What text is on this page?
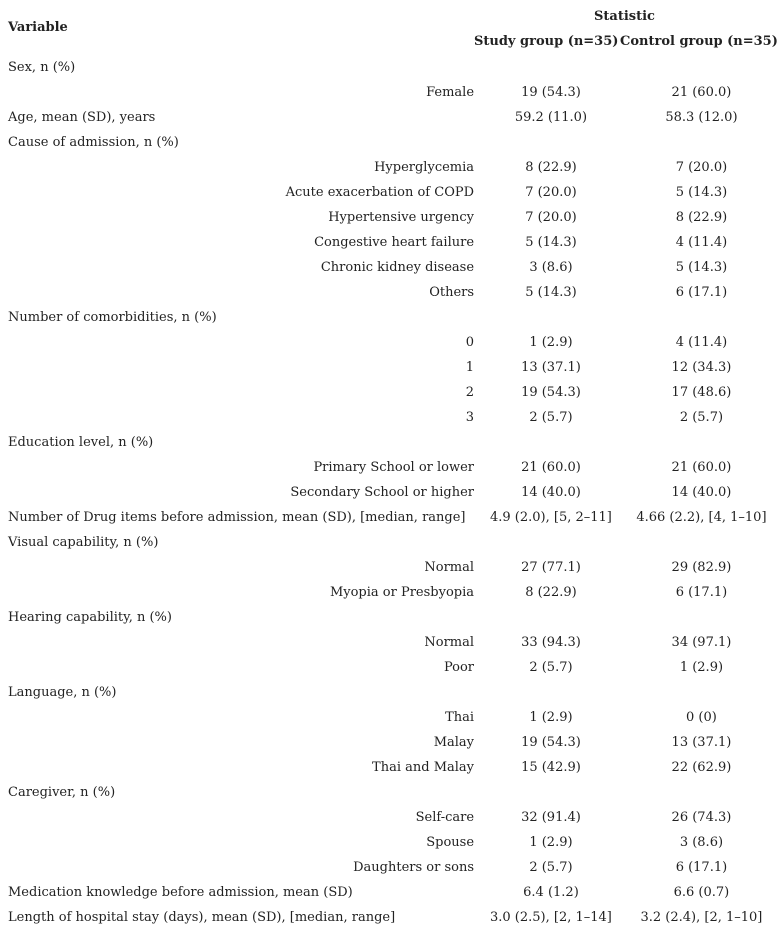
Variable
Statistic
Study group (n=35) Control group (n=35)
Sex, n (%)		
Female	19 (54.3)	21 (60.0)
Age, mean (SD), years	59.2 (11.0)	58.3 (12.0)
Cause of admission, n (%)		
Hyperglycemia	8 (22.9)	7 (20.0)
Acute exacerbation of COPD	7 (20.0)	5 (14.3)
Hypertensive urgency	7 (20.0)	8 (22.9)
Congestive heart failure	5 (14.3)	4 (11.4)
Chronic kidney disease	3 (8.6)	5 (14.3)
Others	5 (14.3)	6 (17.1)
Number of comorbidities, n (%)		
0	1 (2.9)	4 (11.4)
1	13 (37.1)	12 (34.3)
2	19 (54.3)	17 (48.6)
3	2 (5.7)	2 (5.7)
Education level, n (%)		
Primary School or lower	21 (60.0)	21 (60.0)
Secondary School or higher	14 (40.0)	14 (40.0)
Number of Drug items before admission, mean (SD), [median, range]	4.9 (2.0), [5, 2–11]	4.66 (2.2), [4, 1–10]
Visual capability, n (%)		
Normal	27 (77.1)	29 (82.9)
Myopia or Presbyopia	8 (22.9)	6 (17.1)
Hearing capability, n (%)		
Normal	33 (94.3)	34 (97.1)
Poor	2 (5.7)	1 (2.9)
Language, n (%)		
Thai	1 (2.9)	0 (0)
Malay	19 (54.3)	13 (37.1)
Thai and Malay	15 (42.9)	22 (62.9)
Caregiver, n (%)		
Self-care	32 (91.4)	26 (74.3)
Spouse	1 (2.9)	3 (8.6)
Daughters or sons	2 (5.7)	6 (17.1)
Medication knowledge before admission, mean (SD)	6.4 (1.2)	6.6 (0.7)
Length of hospital stay (days), mean (SD), [median, range]	3.0 (2.5), [2, 1–14]	3.2 (2.4), [2, 1–10]
